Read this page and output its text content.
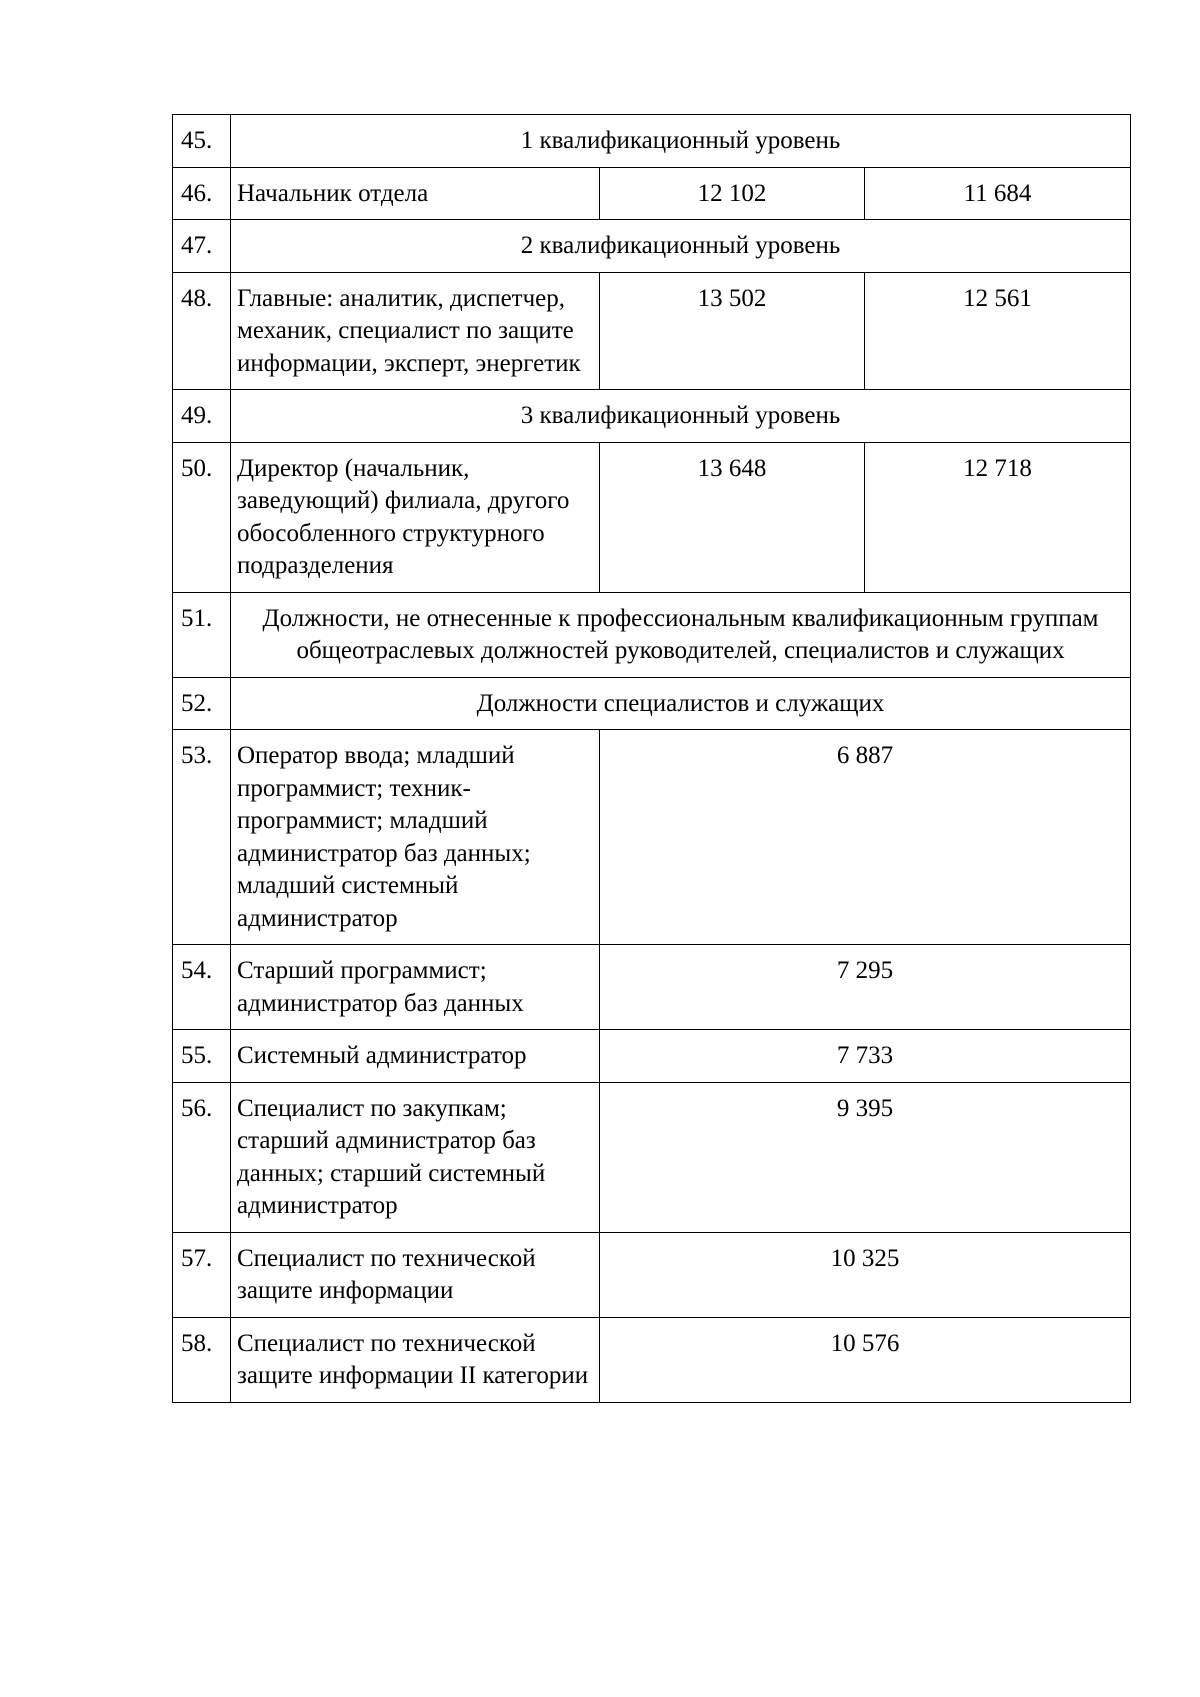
45.	1 квалификационный уровень		
46.	Начальник отдела	12 102	11 684
47.	2 квалификационный уровень		
48.	Главные: аналитик, диспетчер, механик, специалист по защите информации, эксперт, энергетик	13 502	12 561
49.	3 квалификационный уровень		
50.	Директор (начальник, заведующий) филиала, другого обособленного структурного подразделения	13 648	12 718
51.	Должности, не отнесенные к профессиональным квалификационным группам общеотраслевых должностей руководителей, специалистов и служащих		
52.	Должности специалистов и служащих		
53.	Оператор ввода; младший программист; техник-программист; младший администратор баз данных; младший системный администратор	6 887	
54.	Старший программист; администратор баз данных	7 295	
55.	Системный администратор	7 733	
56.	Специалист по закупкам; старший администратор баз данных; старший системный администратор	9 395	
57.	Специалист по технической защите информации	10 325	
58.	Специалист по технической защите информации II категории	10 576	
